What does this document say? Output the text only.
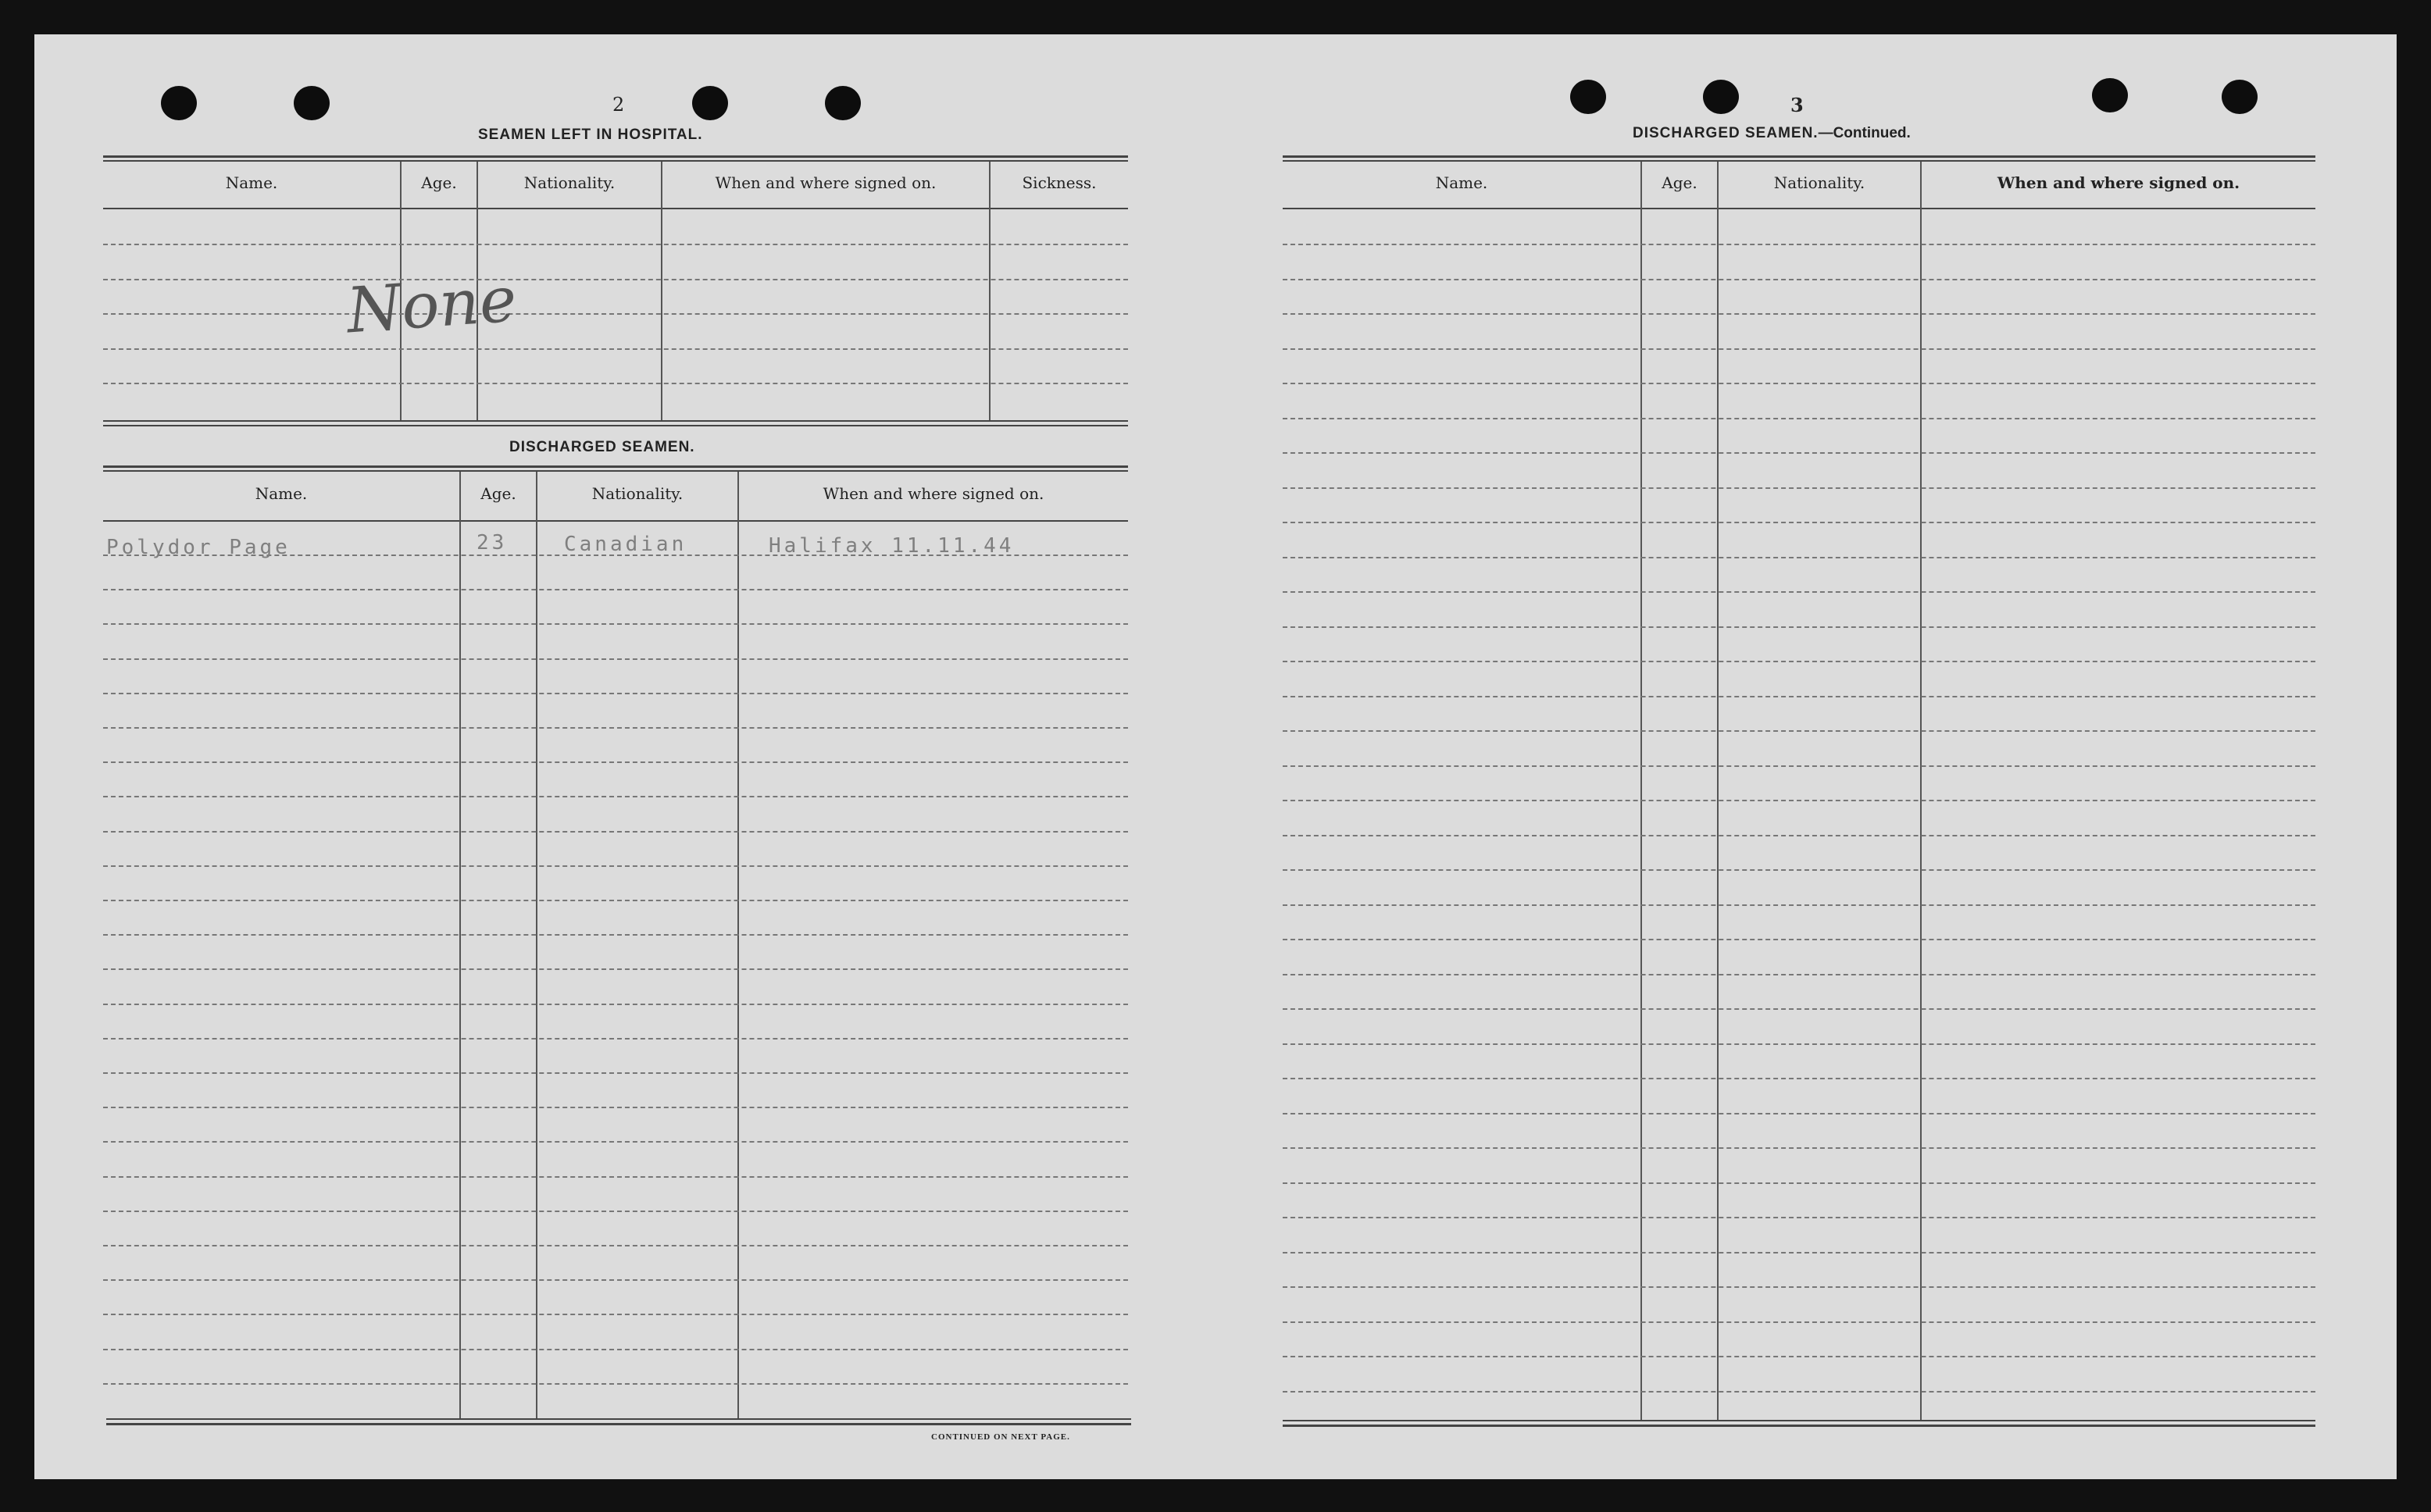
2
SEAMEN LEFT IN HOSPITAL.
Name.	Age.	Nationality.	When and where signed on.	Sickness.
None
DISCHARGED SEAMEN.
Name.	Age.	Nationality.	When and where signed on.
Polydor Page	23	Canadian	Halifax 11.11.44
CONTINUED ON NEXT PAGE.
3
DISCHARGED SEAMEN.—Continued.
Name.	Age.	Nationality.	When and where signed on.
